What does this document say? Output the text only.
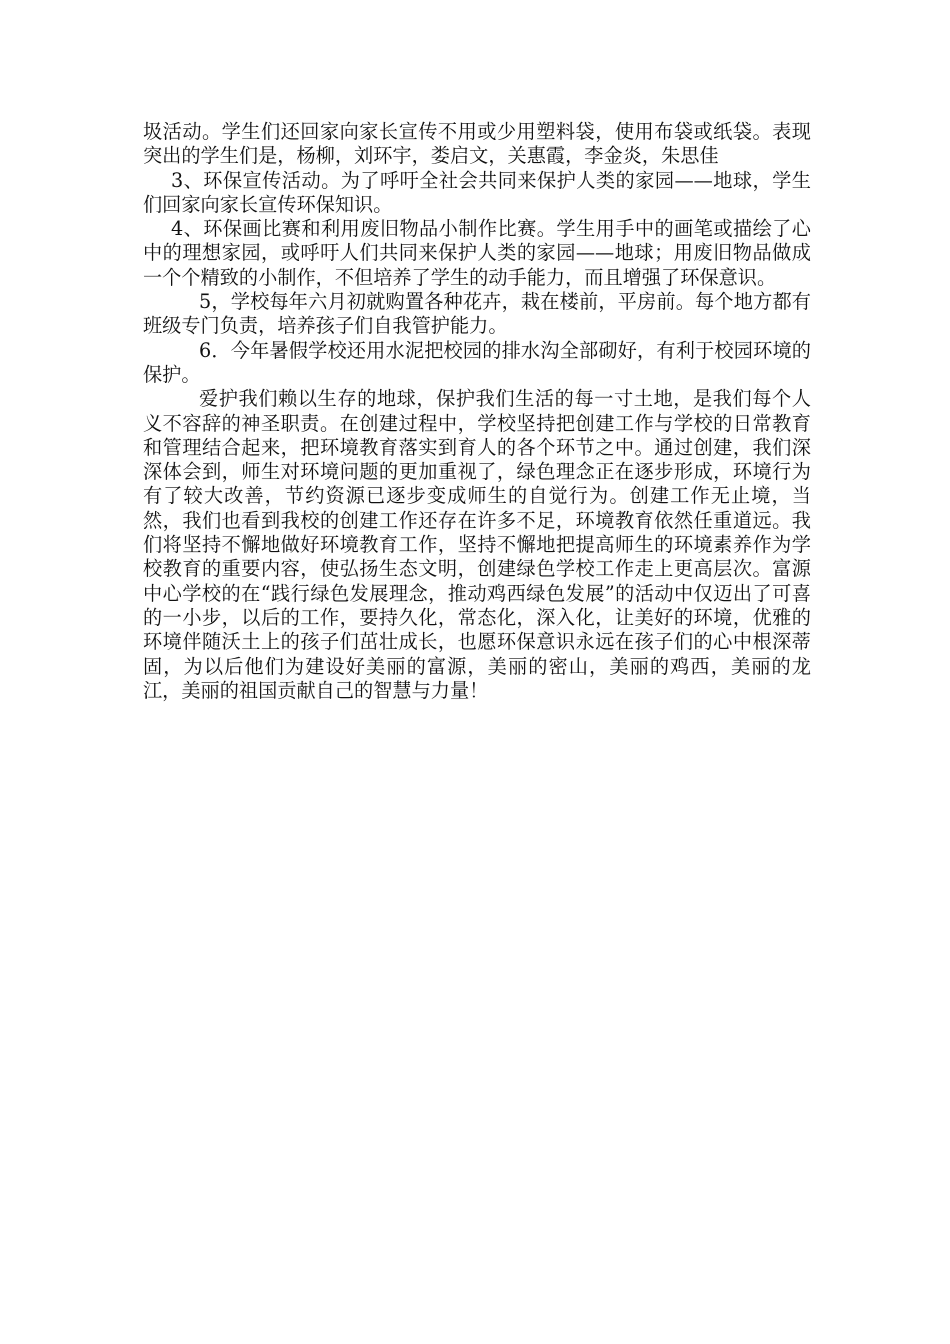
圾活动。学生们还回家向家长宣传不用或少用塑料袋，使用布袋或纸袋。表现突出的学生们是，杨柳，刘环宇，娄启文，关惠霞，李金炎，朱思佳

3、环保宣传活动。为了呼吁全社会共同来保护人类的家园——地球，学生们回家向家长宣传环保知识。

4、环保画比赛和利用废旧物品小制作比赛。学生用手中的画笔或描绘了心中的理想家园，或呼吁人们共同来保护人类的家园——地球；用废旧物品做成一个个精致的小制作，不但培养了学生的动手能力，而且增强了环保意识。

5，学校每年六月初就购置各种花卉，栽在楼前，平房前。每个地方都有班级专门负责，培养孩子们自我管护能力。

6．今年暑假学校还用水泥把校园的排水沟全部砌好，有利于校园环境的保护。

爱护我们赖以生存的地球，保护我们生活的每一寸土地，是我们每个人义不容辞的神圣职责。在创建过程中，学校坚持把创建工作与学校的日常教育和管理结合起来，把环境教育落实到育人的各个环节之中。通过创建，我们深深体会到，师生对环境问题的更加重视了，绿色理念正在逐步形成，环境行为有了较大改善，节约资源已逐步变成师生的自觉行为。创建工作无止境，当然，我们也看到我校的创建工作还存在许多不足，环境教育依然任重道远。我们将坚持不懈地做好环境教育工作，坚持不懈地把提高师生的环境素养作为学校教育的重要内容，使弘扬生态文明，创建绿色学校工作走上更高层次。富源中心学校的在“践行绿色发展理念，推动鸡西绿色发展”的活动中仅迈出了可喜的一小步，以后的工作，要持久化，常态化，深入化，让美好的环境，优雅的环境伴随沃土上的孩子们茁壮成长，也愿环保意识永远在孩子们的心中根深蒂固，为以后他们为建设好美丽的富源，美丽的密山，美丽的鸡西，美丽的龙江，美丽的祖国贡献自己的智慧与力量！
